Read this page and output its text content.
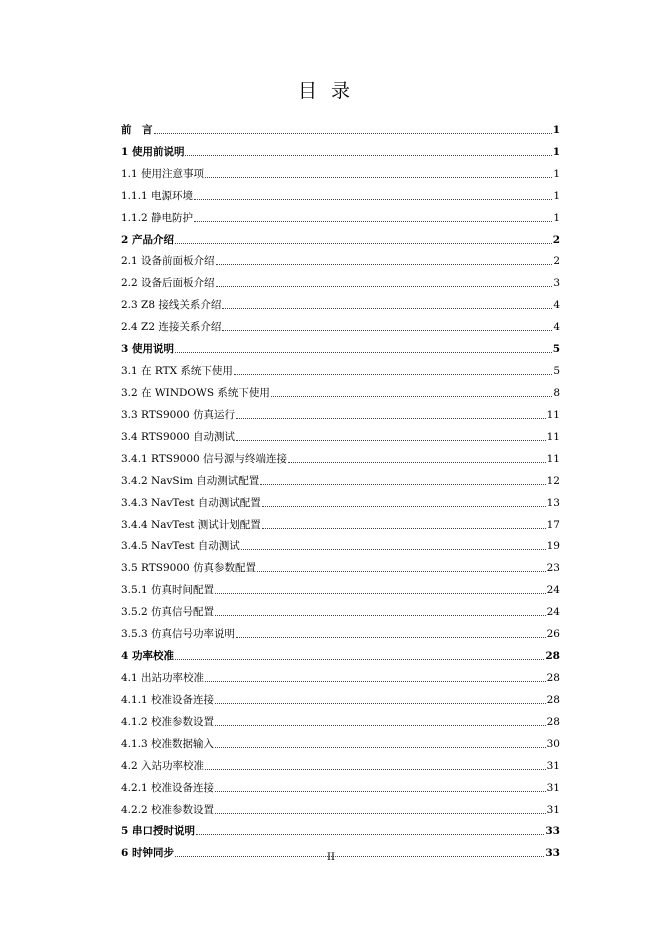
目录
前　言	1
1 使用前说明	1
1.1 使用注意事项	1
1.1.1 电源环境	1
1.1.2 静电防护	1
2 产品介绍	2
2.1 设备前面板介绍	2
2.2 设备后面板介绍	3
2.3 Z8 接线关系介绍	4
2.4 Z2 连接关系介绍	4
3 使用说明	5
3.1 在 RTX 系统下使用	5
3.2 在 WINDOWS 系统下使用	8
3.3 RTS9000 仿真运行	11
3.4 RTS9000 自动测试	11
3.4.1 RTS9000 信号源与终端连接	11
3.4.2 NavSim 自动测试配置	12
3.4.3 NavTest 自动测试配置	13
3.4.4 NavTest 测试计划配置	17
3.4.5 NavTest 自动测试	19
3.5 RTS9000 仿真参数配置	23
3.5.1 仿真时间配置	24
3.5.2 仿真信号配置	24
3.5.3 仿真信号功率说明	26
4 功率校准	28
4.1 出站功率校准	28
4.1.1 校准设备连接	28
4.1.2 校准参数设置	28
4.1.3 校准数据输入	30
4.2 入站功率校准	31
4.2.1 校准设备连接	31
4.2.2 校准参数设置	31
5 串口授时说明	33
6 时钟同步	33
II
